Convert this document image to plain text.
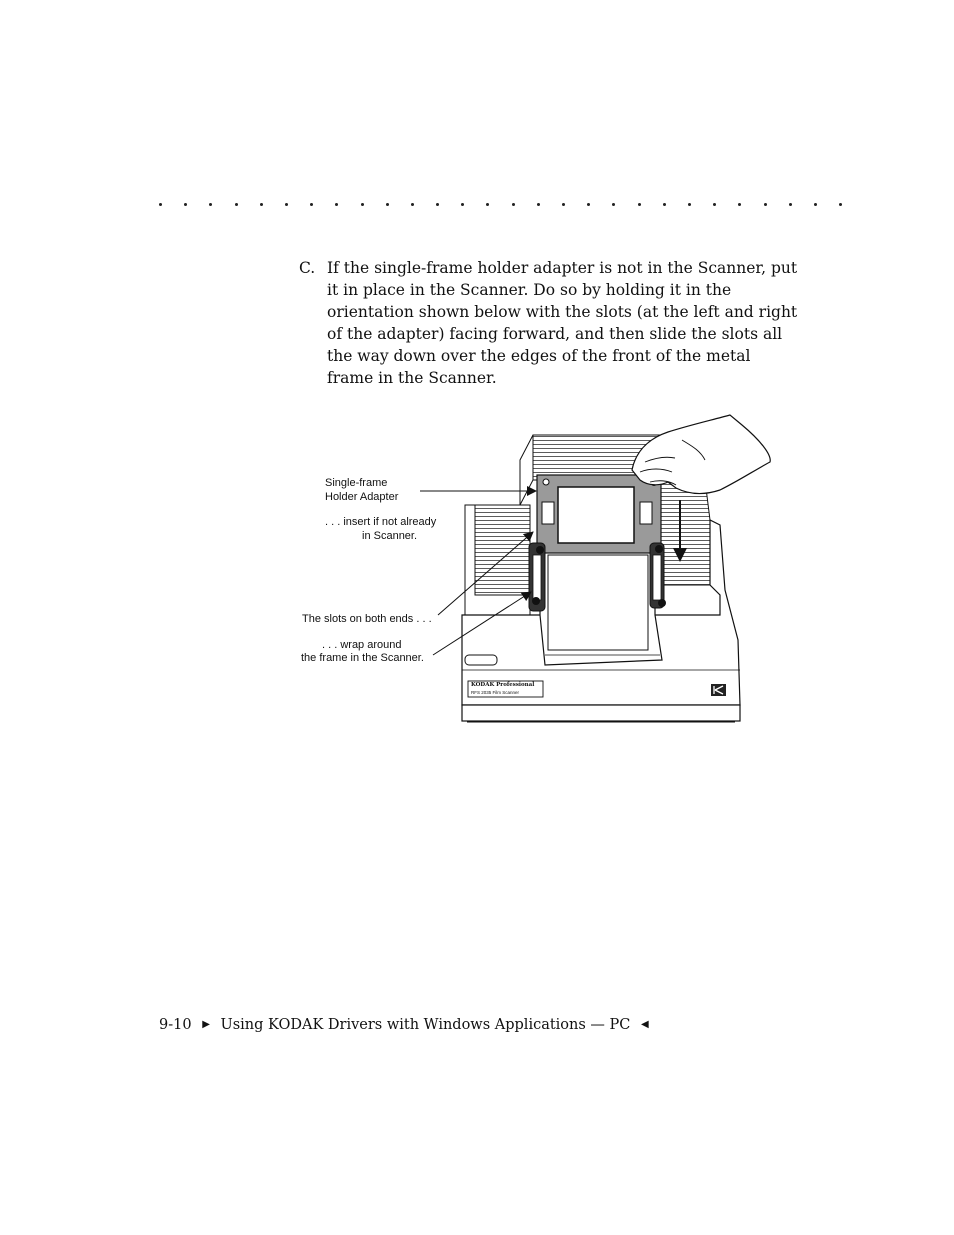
C. If the single-frame holder adapter is not in the Scanner, put it in place in the Scanner. Do so by holding it in the orientation shown below with the slots (at the left and right of the adapter) facing forward, and then slide the slots all the way down over the edges of the front of the metal frame in the Scanner.
KODAK Professional
RFS 2035 Film Scanner
Single-frame
Holder Adapter
. . . insert if not already
in Scanner.
The slots on both ends . . .
. . . wrap around
the frame in the Scanner.
9-10 ▶ Using KODAK Drivers with Windows Applications — PC ◀
